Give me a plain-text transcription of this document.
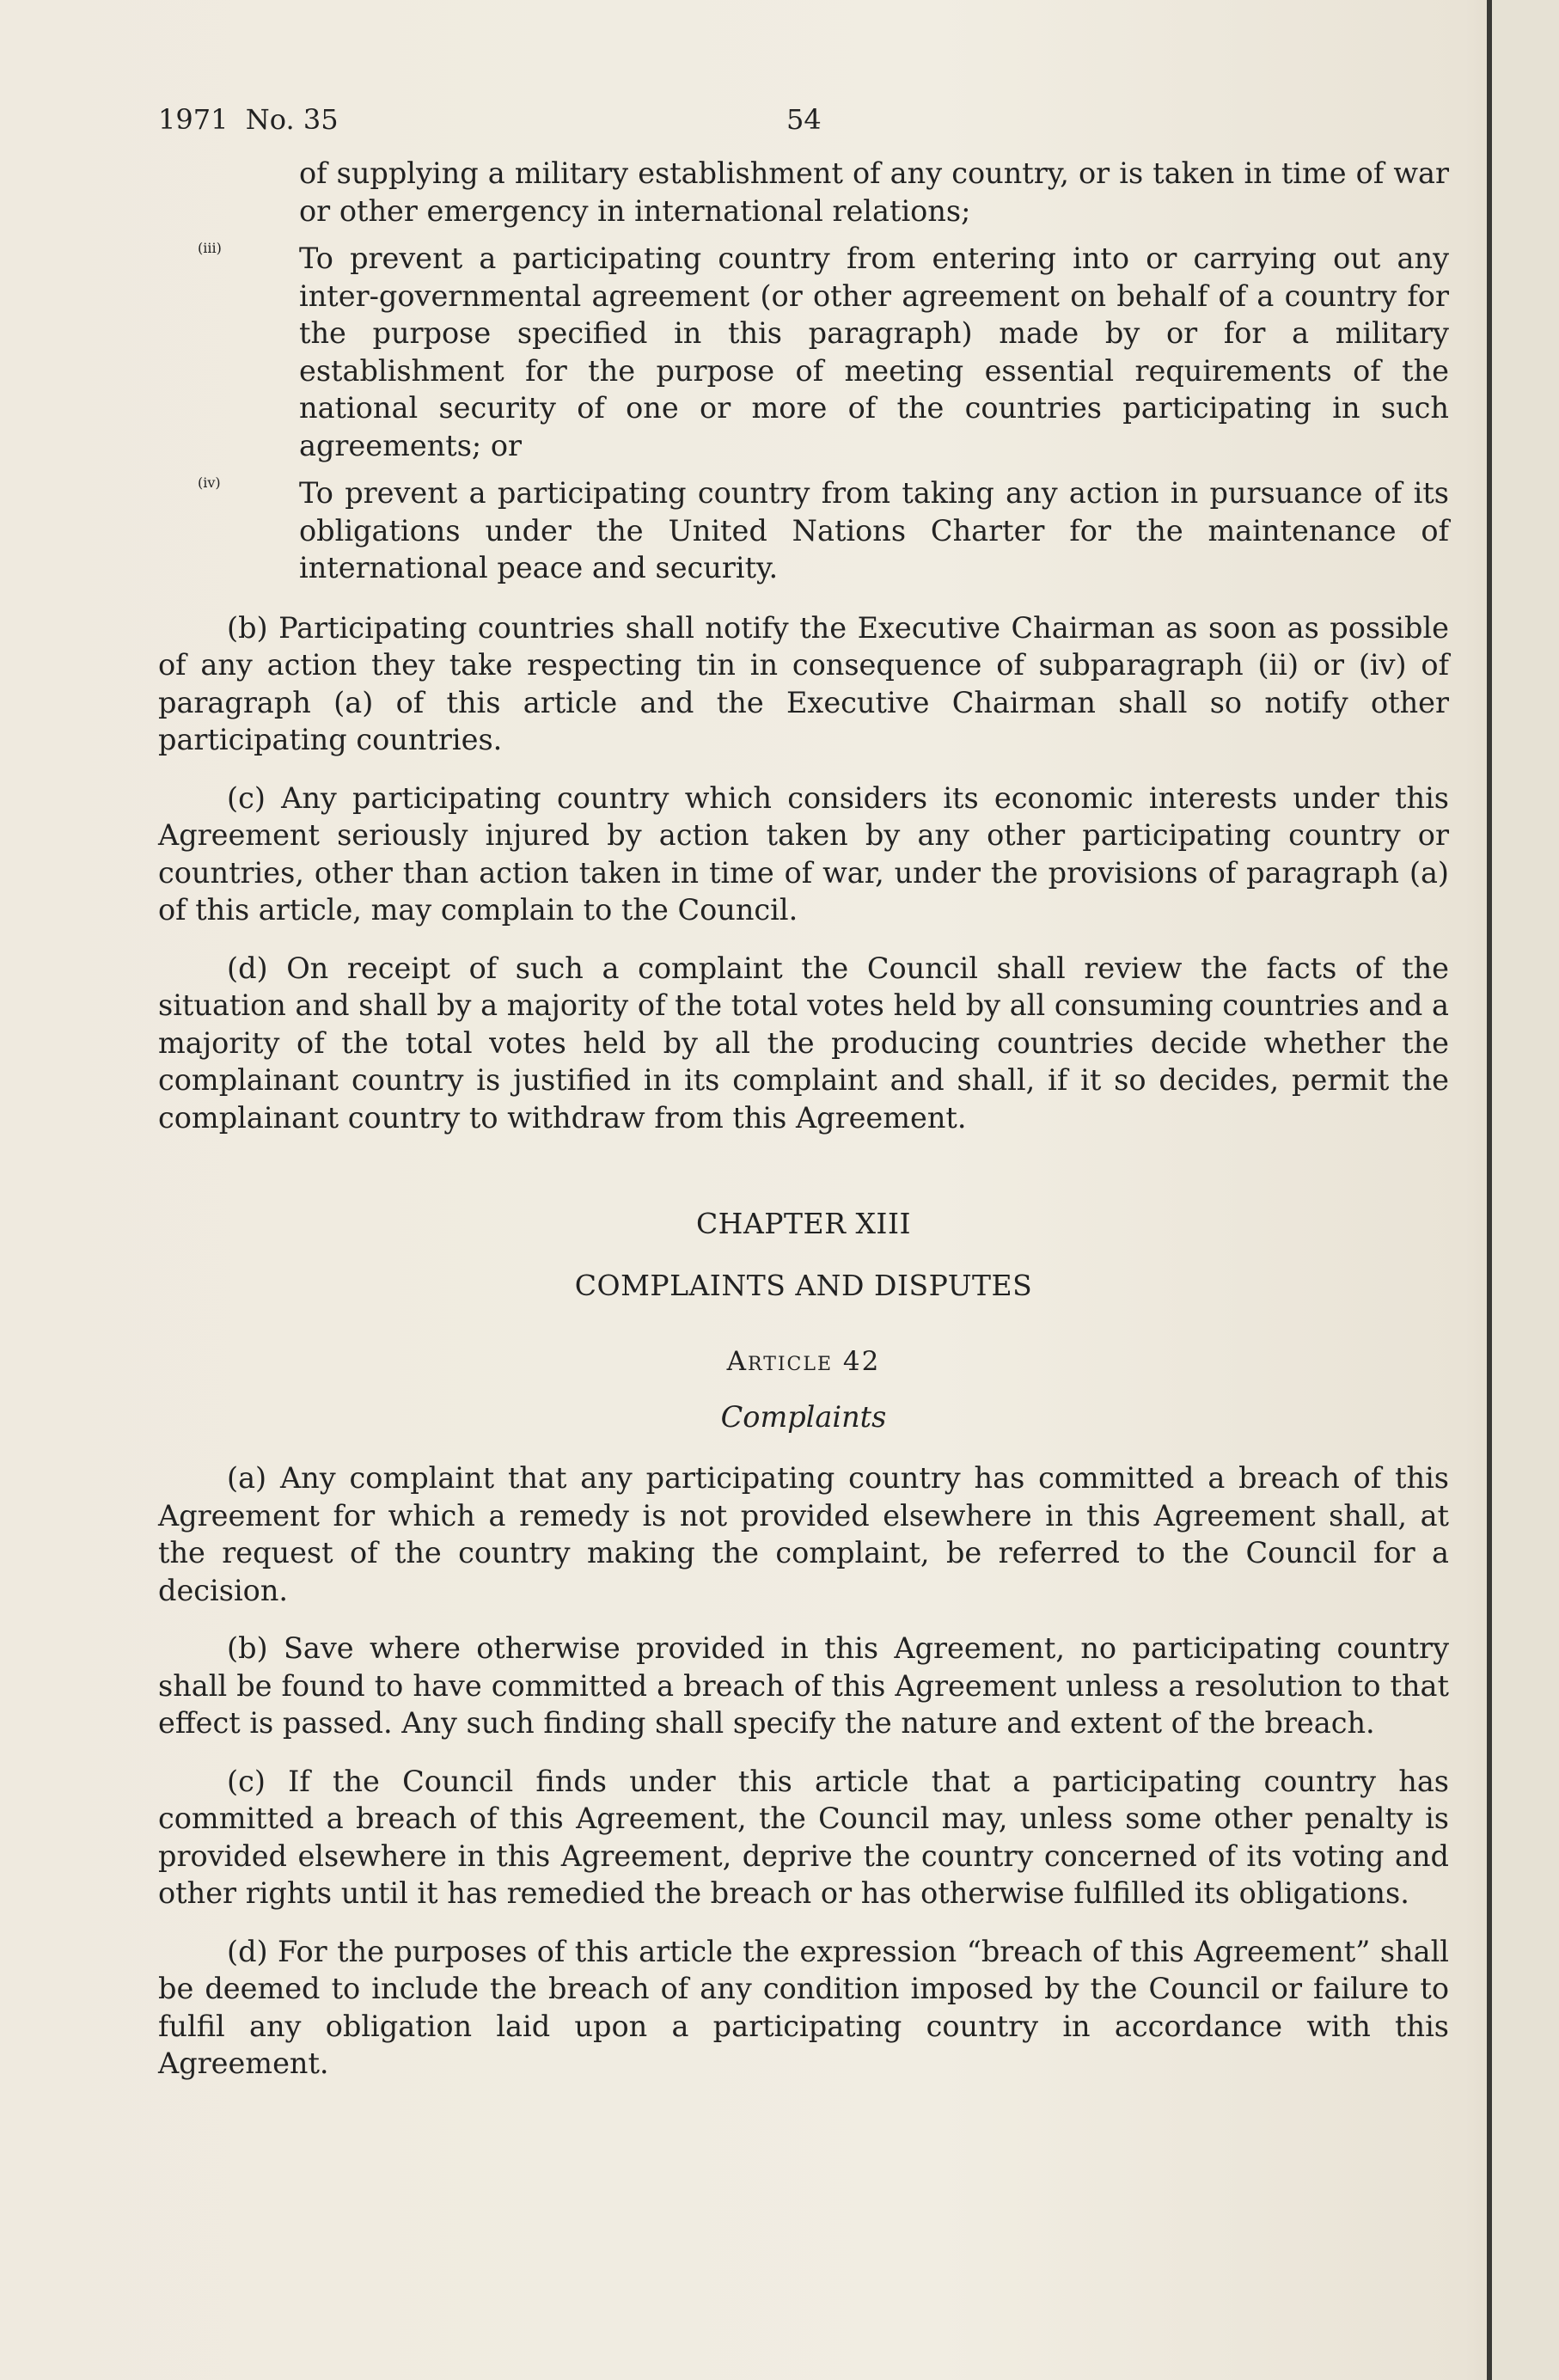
1971  No. 35	54

of supplying a military establishment of any country, or is taken in time of war or other emergency in international relations;

(iii)	To prevent a participating country from entering into or carrying out any inter-governmental agreement (or other agreement on behalf of a country for the purpose specified in this paragraph) made by or for a military establishment for the purpose of meeting essential requirements of the national security of one or more of the countries participating in such agreements; or

(iv)	To prevent a participating country from taking any action in pursuance of its obligations under the United Nations Charter for the maintenance of international peace and security.

(b) Participating countries shall notify the Executive Chairman as soon as possible of any action they take respecting tin in consequence of subparagraph (ii) or (iv) of paragraph (a) of this article and the Executive Chairman shall so notify other participating countries.

(c) Any participating country which considers its economic interests under this Agreement seriously injured by action taken by any other participating country or countries, other than action taken in time of war, under the provisions of paragraph (a) of this article, may complain to the Council.

(d) On receipt of such a complaint the Council shall review the facts of the situation and shall by a majority of the total votes held by all consuming countries and a majority of the total votes held by all the producing countries decide whether the complainant country is justified in its complaint and shall, if it so decides, permit the complainant country to withdraw from this Agreement.

CHAPTER XIII

COMPLAINTS AND DISPUTES

Article 42

Complaints

(a) Any complaint that any participating country has committed a breach of this Agreement for which a remedy is not provided elsewhere in this Agreement shall, at the request of the country making the complaint, be referred to the Council for a decision.

(b) Save where otherwise provided in this Agreement, no participating country shall be found to have committed a breach of this Agreement unless a resolution to that effect is passed. Any such finding shall specify the nature and extent of the breach.

(c) If the Council finds under this article that a participating country has committed a breach of this Agreement, the Council may, unless some other penalty is provided elsewhere in this Agreement, deprive the country concerned of its voting and other rights until it has remedied the breach or has otherwise fulfilled its obligations.

(d) For the purposes of this article the expression “breach of this Agreement” shall be deemed to include the breach of any condition imposed by the Council or failure to fulfil any obligation laid upon a participating country in accordance with this Agreement.
